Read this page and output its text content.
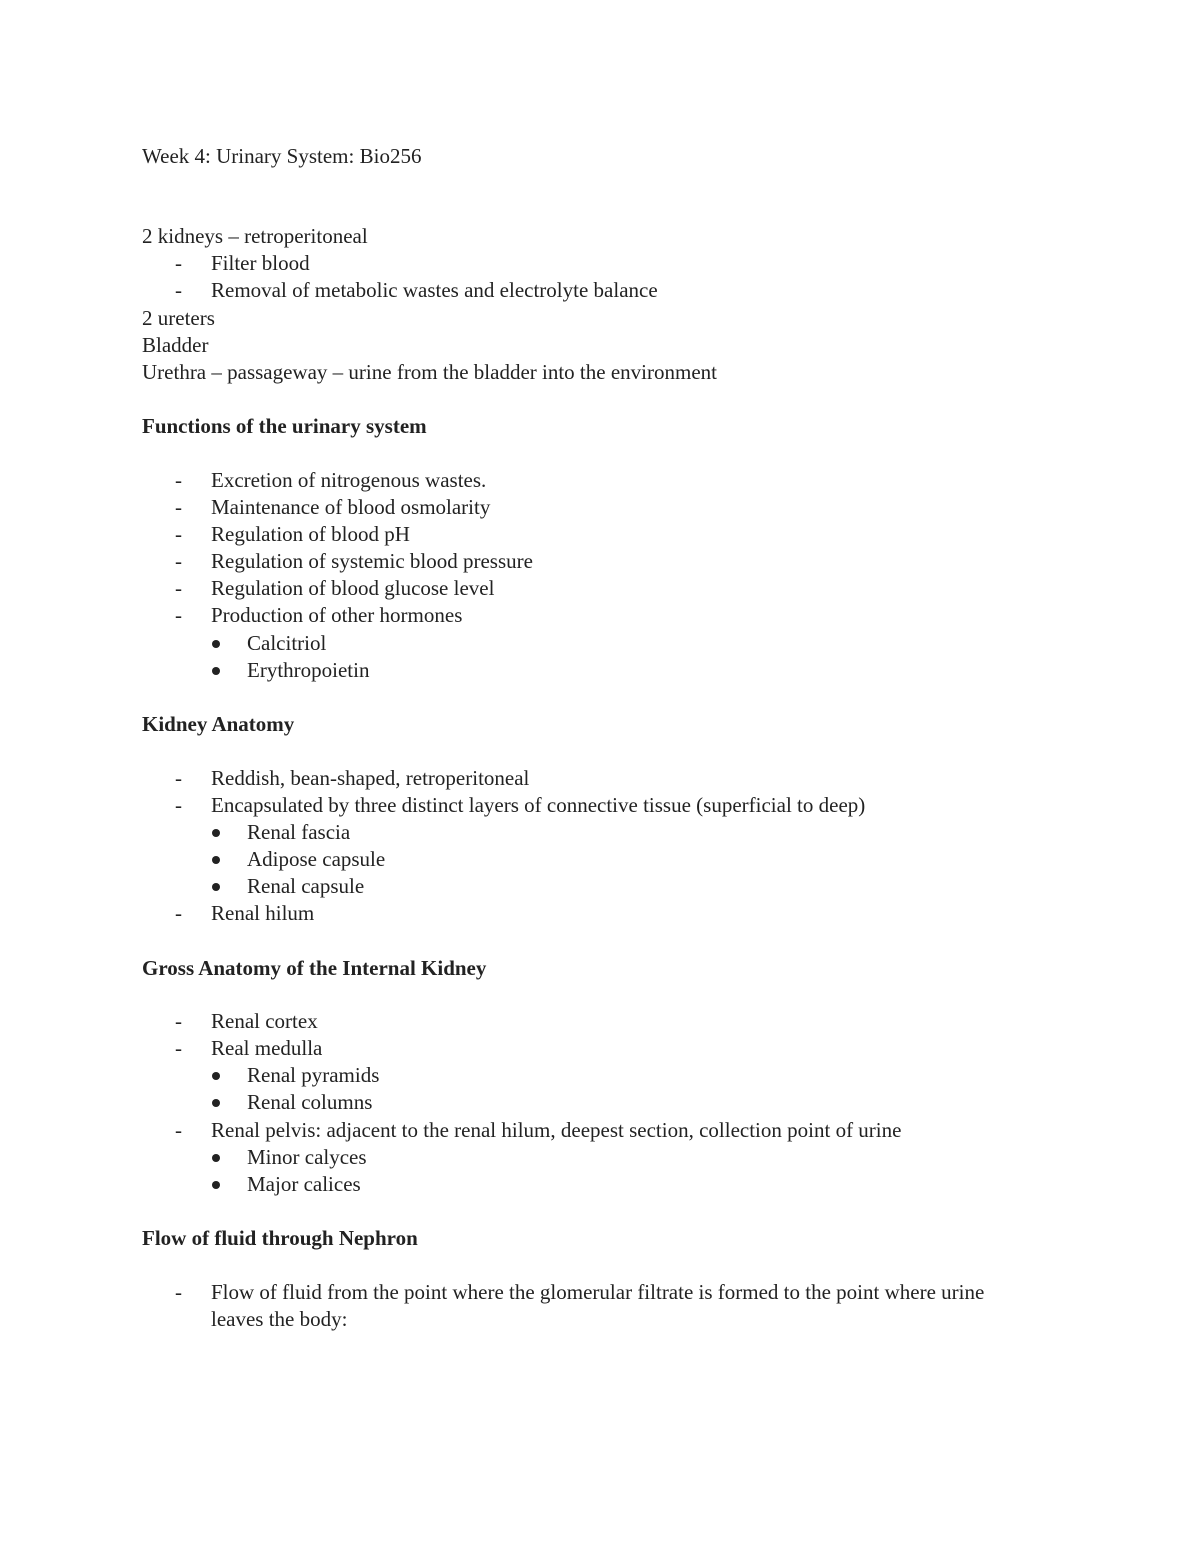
Week 4: Urinary System: Bio256
2 kidneys – retroperitoneal
- Filter blood
- Removal of metabolic wastes and electrolyte balance
2 ureters
Bladder
Urethra – passageway – urine from the bladder into the environment
Functions of the urinary system
- Excretion of nitrogenous wastes.
- Maintenance of blood osmolarity
- Regulation of blood pH
- Regulation of systemic blood pressure
- Regulation of blood glucose level
- Production of other hormones
Calcitriol
Erythropoietin
Kidney Anatomy
- Reddish, bean-shaped, retroperitoneal
- Encapsulated by three distinct layers of connective tissue (superficial to deep)
Renal fascia
Adipose capsule
Renal capsule
- Renal hilum
Gross Anatomy of the Internal Kidney
- Renal cortex
- Real medulla
Renal pyramids
Renal columns
- Renal pelvis: adjacent to the renal hilum, deepest section, collection point of urine
Minor calyces
Major calices
Flow of fluid through Nephron
- Flow of fluid from the point where the glomerular filtrate is formed to the point where urine leaves the body:
